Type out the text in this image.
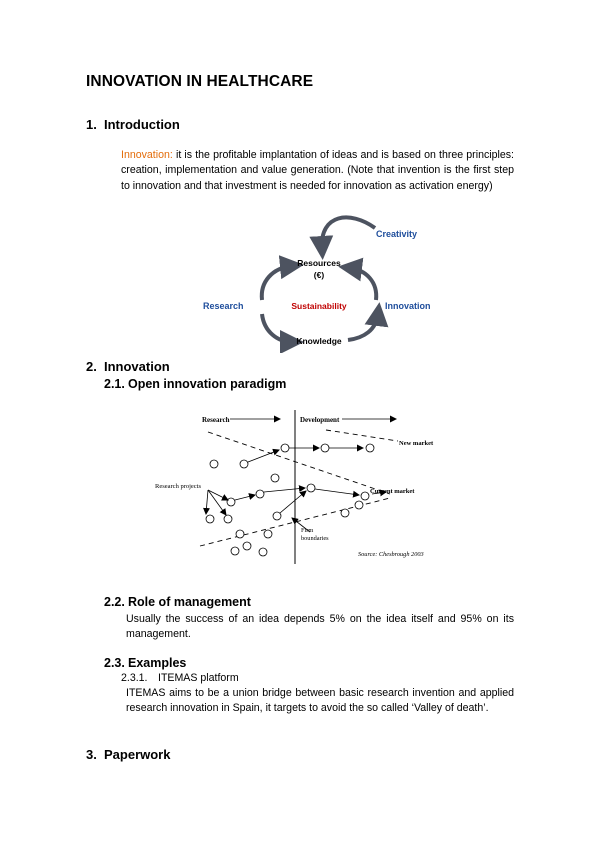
INNOVATION IN HEALTHCARE
1. Introduction
Innovation: it is the profitable implantation of ideas and is based on three principles: creation, implementation and value generation. (Note that invention is the first step to innovation and that investment is needed for innovation as activation energy)
Creativity
Resources
(€)
Research	Sustainability	Innovation
Knowledge
2. Innovation
2.1. Open innovation paradigm
Research	Development
New market
Current market
Research projects
Firm
boundaries
Source: Chesbrough 2003
2.2. Role of management
Usually the success of an idea depends 5% on the idea itself and 95% on its management.
2.3. Examples
2.3.1. ITEMAS platform
ITEMAS aims to be a union bridge between basic research invention and applied research innovation in Spain, it targets to avoid the so called ‘Valley of death’.
3. Paperwork
